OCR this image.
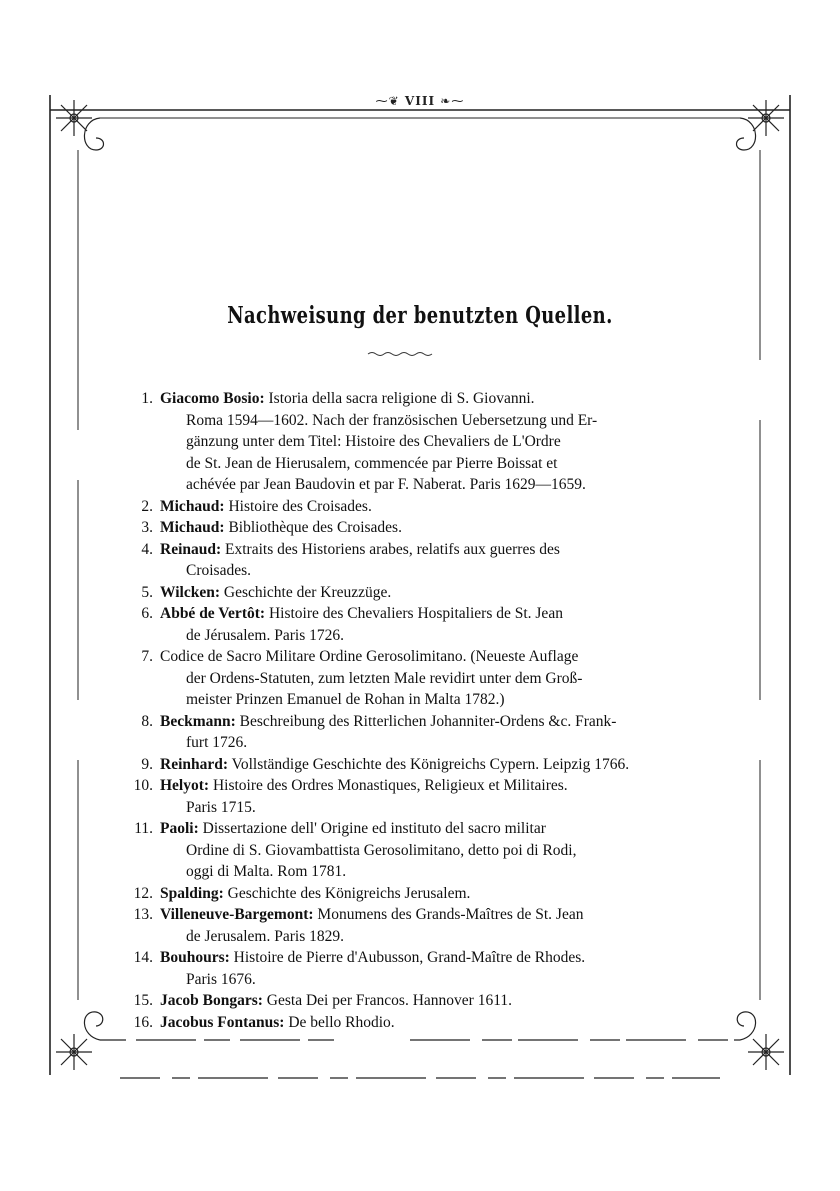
⁓❦ VIII ❧⁓
Nachweisung der benutzten Quellen.
1. Giacomo Bosio: Istoria della sacra religione di S. Giovanni.
Roma 1594—1602. Nach der französischen Uebersetzung und Er-
gänzung unter dem Titel: Histoire des Chevaliers de L'Ordre
de St. Jean de Hierusalem, commencée par Pierre Boissat et
achévée par Jean Baudovin et par F. Naberat. Paris 1629—1659.
2. Michaud: Histoire des Croisades.
3. Michaud: Bibliothèque des Croisades.
4. Reinaud: Extraits des Historiens arabes, relatifs aux guerres des
Croisades.
5. Wilcken: Geschichte der Kreuzzüge.
6. Abbé de Vertôt: Histoire des Chevaliers Hospitaliers de St. Jean
de Jérusalem. Paris 1726.
7. Codice de Sacro Militare Ordine Gerosolimitano. (Neueste Auflage
der Ordens-Statuten, zum letzten Male revidirt unter dem Groß-
meister Prinzen Emanuel de Rohan in Malta 1782.)
8. Beckmann: Beschreibung des Ritterlichen Johanniter-Ordens &c. Frank-
furt 1726.
9. Reinhard: Vollständige Geschichte des Königreichs Cypern. Leipzig 1766.
10. Helyot: Histoire des Ordres Monastiques, Religieux et Militaires.
Paris 1715.
11. Paoli: Dissertazione dell' Origine ed instituto del sacro militar
Ordine di S. Giovambattista Gerosolimitano, detto poi di Rodi,
oggi di Malta. Rom 1781.
12. Spalding: Geschichte des Königreichs Jerusalem.
13. Villeneuve-Bargemont: Monumens des Grands-Maîtres de St. Jean
de Jerusalem. Paris 1829.
14. Bouhours: Histoire de Pierre d'Aubusson, Grand-Maître de Rhodes.
Paris 1676.
15. Jacob Bongars: Gesta Dei per Francos. Hannover 1611.
16. Jacobus Fontanus: De bello Rhodio.
